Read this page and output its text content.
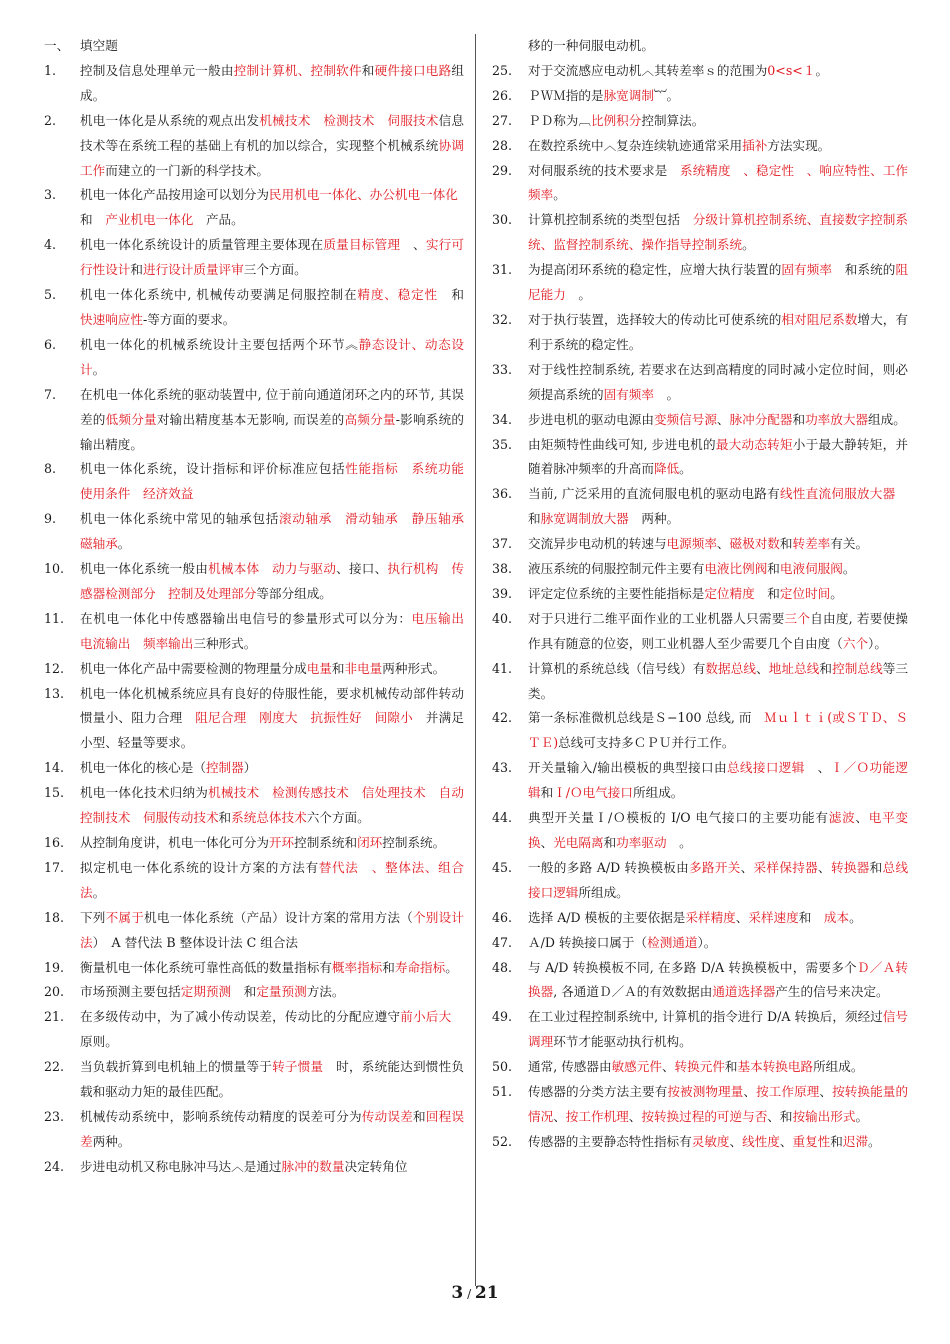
一、 填空题
1.	控制及信息处理单元一般由控制计算机、控制软件和硬件接口电路组成。
2.	机电一体化是从系统的观点出发机械技术　检测技术　伺服技术信息技术等在系统工程的基础上有机的加以综合，实现整个机械系统协调工作而建立的一门新的科学技术。
3.	机电一体化产品按用途可以划分为民用机电一体化、办公机电一体化　和　产业机电一体化　产品。
4.	机电一体化系统设计的质量管理主要体现在质量目标管理　、实行可行性设计和进行设计质量评审三个方面。
5.	机电一体化系统中, 机械传动要满足伺服控制在精度、稳定性　和　快速响应性-等方面的要求。
6.	机电一体化的机械系统设计主要包括两个环节︽静态设计、动态设计。
7.	在机电一体化系统的驱动装置中, 位于前向通道闭环之内的环节, 其误差的低频分量对输出精度基本无影响, 而误差的高频分量-影响系统的输出精度。
8.	机电一体化系统，设计指标和评价标准应包括性能指标　系统功能　使用条件　经济效益
9.	机电一体化系统中常见的轴承包括滚动轴承　滑动轴承　静压轴承　磁轴承。
10.	机电一体化系统一般由机械本体　动力与驱动、接口、执行机构　传感器检测部分　控制及处理部分等部分组成。
11.	在机电一体化中传感器输出电信号的参量形式可以分为：电压输出　电流输出　频率输出三种形式。
12.	机电一体化产品中需要检测的物理量分成电量和非电量两种形式。
13.	机电一体化机械系统应具有良好的侍服性能，要求机械传动部件转动惯量小、阻力合理　阻尼合理　刚度大　抗振性好　间隙小　并满足小型、轻量等要求。
14.	机电一体化的核心是（控制器）
15.	机电一体化技术归纳为机械技术　检测传感技术　信处理技术　自动控制技术　伺服传动技术和系统总体技术六个方面。
16.	从控制角度讲，机电一体化可分为开环控制系统和闭环控制系统。
17.	拟定机电一体化系统的设计方案的方法有替代法　、整体法、组合法。
18.	下列不属于机电一体化系统（产品）设计方案的常用方法（个别设计法）　A 替代法 B 整体设计法 C 组合法
19.	衡量机电一体化系统可靠性高低的数量指标有概率指标和寿命指标。
20.	市场预测主要包括定期预测　和定量预测方法。
21.	在多级传动中，为了减小传动误差，传动比的分配应遵守前小后大　原则。
22.	当负载折算到电机轴上的惯量等于转子惯量　时，系统能达到惯性负载和驱动力矩的最佳匹配。
23.	机械传动系统中，影响系统传动精度的误差可分为传动误差和回程误差两种。
24.	步进电动机又称电脉冲马达︿是通过脉冲的数量决定转角位
移的一种伺服电动机。
25.	对于交流感应电动机︿其转差率ｓ的范围为0<s<１。
26.	ＰＷＭ指的是脉宽调制︸。
27.	ＰＤ称为︹比例积分控制算法。
28.	在数控系统中︿复杂连续轨迹通常采用插补方法实现。
29.	对伺服系统的技术要求是　系统精度　、稳定性　、响应特性、工作频率。
30.	计算机控制系统的类型包括　分级计算机控制系统、直接数字控制系统、监督控制系统、操作指导控制系统。
31.	为提高闭环系统的稳定性，应增大执行装置的固有频率　和系统的阻尼能力　。
32.	对于执行装置，选择较大的传动比可使系统的相对阻尼系数增大，有利于系统的稳定性。
33.	对于线性控制系统, 若要求在达到高精度的同时减小定位时间，则必须提高系统的固有频率　。
34.	步进电机的驱动电源由变频信号源、脉冲分配器和功率放大器组成。
35.	由矩频特性曲线可知, 步进电机的最大动态转矩小于最大静转矩，并随着脉冲频率的升高而降低。
36.	当前, 广泛采用的直流伺服电机的驱动电路有线性直流伺服放大器　和脉宽调制放大器　两种。
37.	交流异步电动机的转速与电源频率、磁极对数和转差率有关。
38.	液压系统的伺服控制元件主要有电液比例阀和电液伺服阀。
39.	评定定位系统的主要性能指标是定位精度　和定位时间。
40.	对于只进行二维平面作业的工业机器人只需要三个自由度, 若要使操作具有随意的位姿，则工业机器人至少需要几个自由度（六个）。
41.	计算机的系统总线（信号线）有数据总线、地址总线和控制总线等三类。
42.	第一条标准微机总线是Ｓ−100 总线, 而　Ｍｕｌｔｉ(或ＳＴＤ、ＳＴＥ)总线可支持多ＣＰＵ并行工作。
43.	开关量输入/输出模板的典型接口由总线接口逻辑　、Ｉ／Ｏ功能逻辑和Ｉ/Ｏ电气接口所组成。
44.	典型开关量Ｉ/Ｏ模板的 I/O 电气接口的主要功能有滤波、电平变换、光电隔离和功率驱动　。
45.	一般的多路 A/D 转换模板由多路开关、采样保持器、转换器和总线接口逻辑所组成。
46.	选择 A/D 模板的主要依据是采样精度、采样速度和　成本。
47.	Ａ/D 转换接口属于（检测通道）。
48.	与 A/D 转换模板不同, 在多路 D/A 转换模板中，需要多个Ｄ／Ａ转换器, 各通道Ｄ／Ａ的有效数据由通道选择器产生的信号来决定。
49.	在工业过程控制系统中, 计算机的指令进行 D/A 转换后，须经过信号调理环节才能驱动执行机构。
50.	通常, 传感器由敏感元件、转换元件和基本转换电路所组成。
51.	传感器的分类方法主要有按被测物理量、按工作原理、按转换能量的情况、按工作机理、按转换过程的可逆与否、和按输出形式。
52.	传感器的主要静态特性指标有灵敏度、线性度、重复性和迟滞。
3 / 21
